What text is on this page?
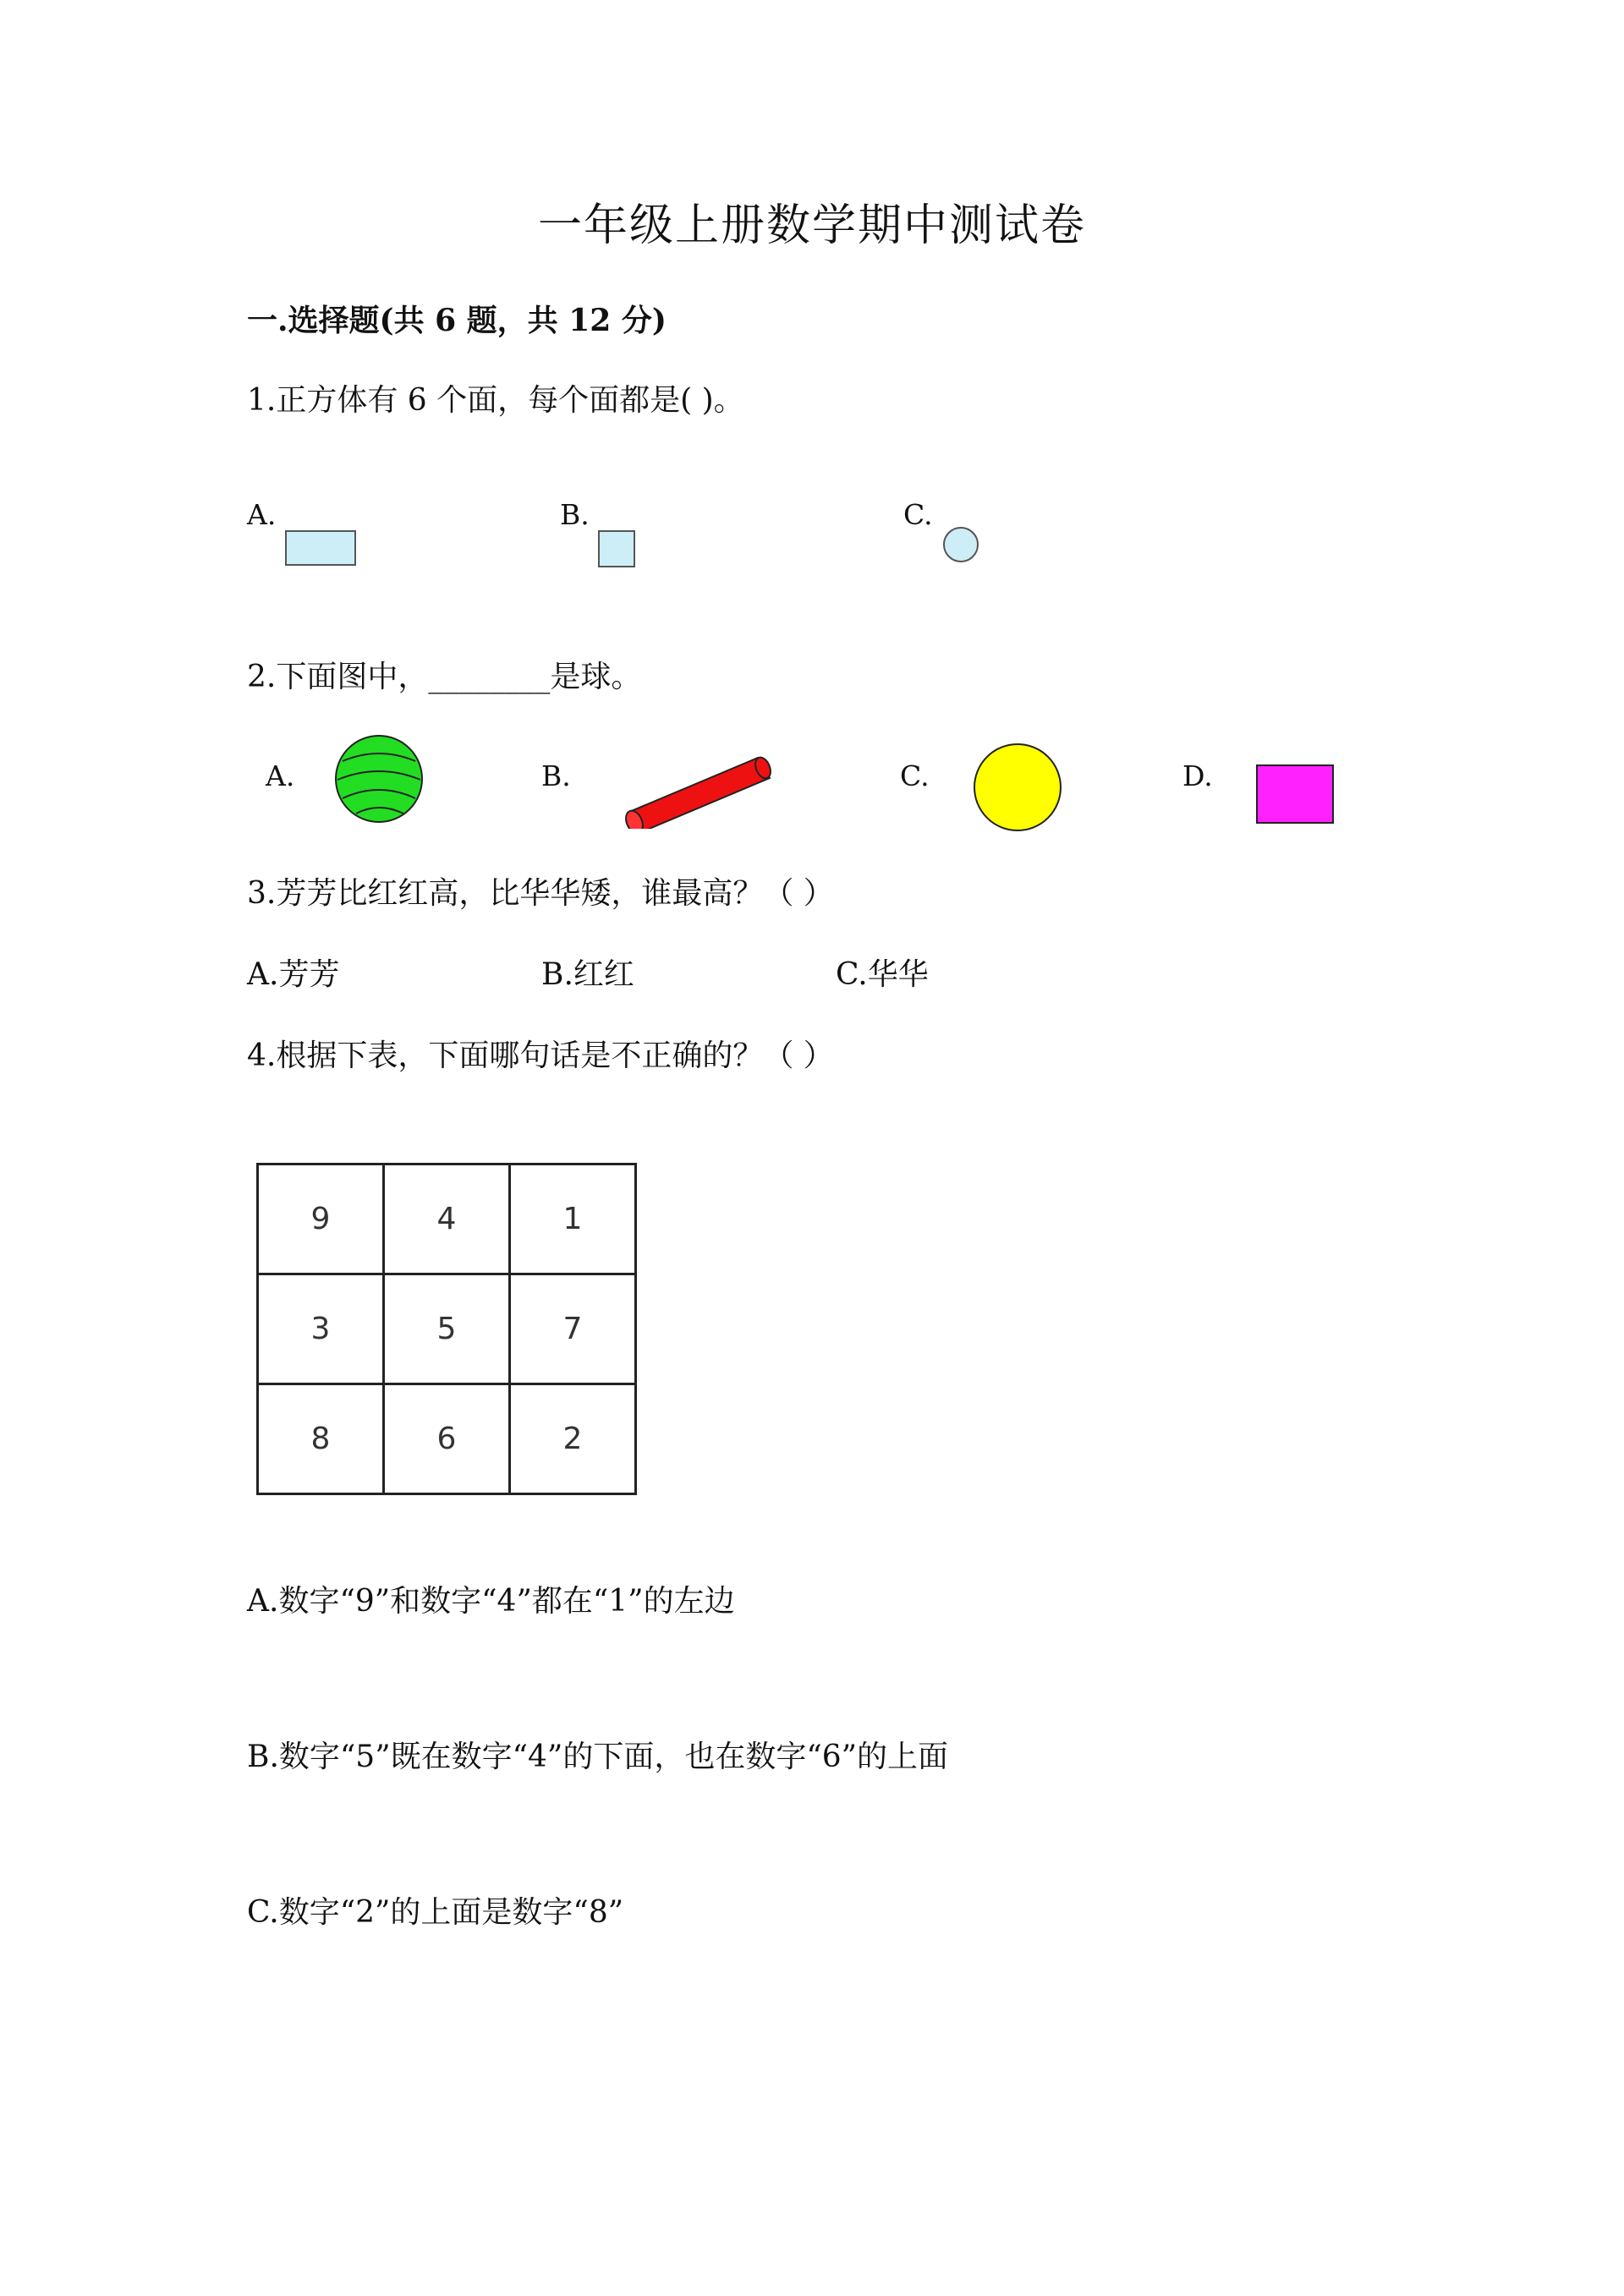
一年级上册数学期中测试卷
一.选择题(共 6 题，共 12 分)
1.正方体有 6 个面，每个面都是( )。
A.	B.	C.
2.下面图中，________是球。
A.	B.	C.	D.
3.芳芳比红红高，比华华矮，谁最高？（ ）
A.芳芳	B.红红	C.华华
4.根据下表，下面哪句话是不正确的？（ ）
9	4	1
3	5	7
8	6	2
A.数字“9”和数字“4”都在“1”的左边
B.数字“5”既在数字“4”的下面，也在数字“6”的上面
C.数字“2”的上面是数字“8”
